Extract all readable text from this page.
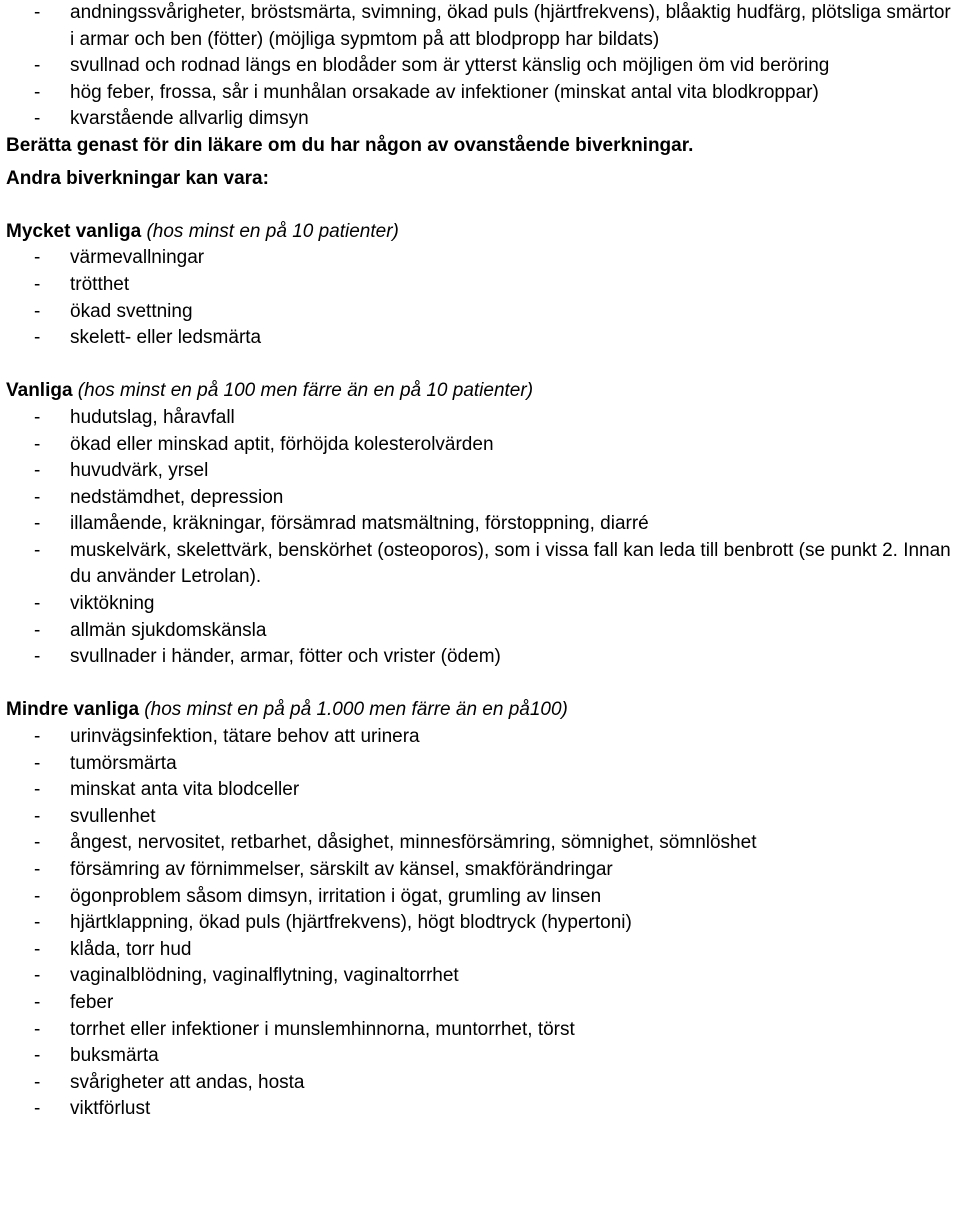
- andningssvårigheter, bröstsmärta, svimning, ökad puls (hjärtfrekvens), blåaktig hudfärg, plötsliga smärtor i armar och ben (fötter) (möjliga sypmtom på att blodpropp har bildats)
- svullnad och rodnad längs en blodåder som är ytterst känslig och möjligen öm vid beröring
- hög feber, frossa, sår i munhålan orsakade av infektioner (minskat antal vita blodkroppar)
- kvarstående allvarlig dimsyn
Berätta genast för din läkare om du har någon av ovanstående biverkningar.
Andra biverkningar kan vara:
Mycket vanliga (hos minst en på 10 patienter)
- värmevallningar
- trötthet
- ökad svettning
- skelett- eller ledsmärta
Vanliga (hos minst en på 100 men färre än en på 10 patienter)
- hudutslag, håravfall
- ökad eller minskad aptit, förhöjda kolesterolvärden
- huvudvärk, yrsel
- nedstämdhet, depression
- illamående, kräkningar, försämrad matsmältning, förstoppning, diarré
- muskelvärk, skelettvärk, benskörhet (osteoporos), som i vissa fall kan leda till benbrott (se punkt 2. Innan du använder Letrolan).
- viktökning
- allmän sjukdomskänsla
- svullnader i händer, armar, fötter och vrister (ödem)
Mindre vanliga (hos minst en på på 1.000 men färre än en på100)
- urinvägsinfektion, tätare behov att urinera
- tumörsmärta
- minskat anta vita blodceller
- svullenhet
- ångest, nervositet, retbarhet, dåsighet, minnesförsämring, sömnighet, sömnlöshet
- försämring av förnimmelser, särskilt av känsel, smakförändringar
- ögonproblem såsom dimsyn, irritation i ögat, grumling av linsen
- hjärtklappning, ökad puls (hjärtfrekvens), högt blodtryck (hypertoni)
- klåda, torr hud
- vaginalblödning, vaginalflytning, vaginaltorrhet
- feber
- torrhet eller infektioner i munslemhinnorna, muntorrhet, törst
- buksmärta
- svårigheter att andas, hosta
- viktförlust
